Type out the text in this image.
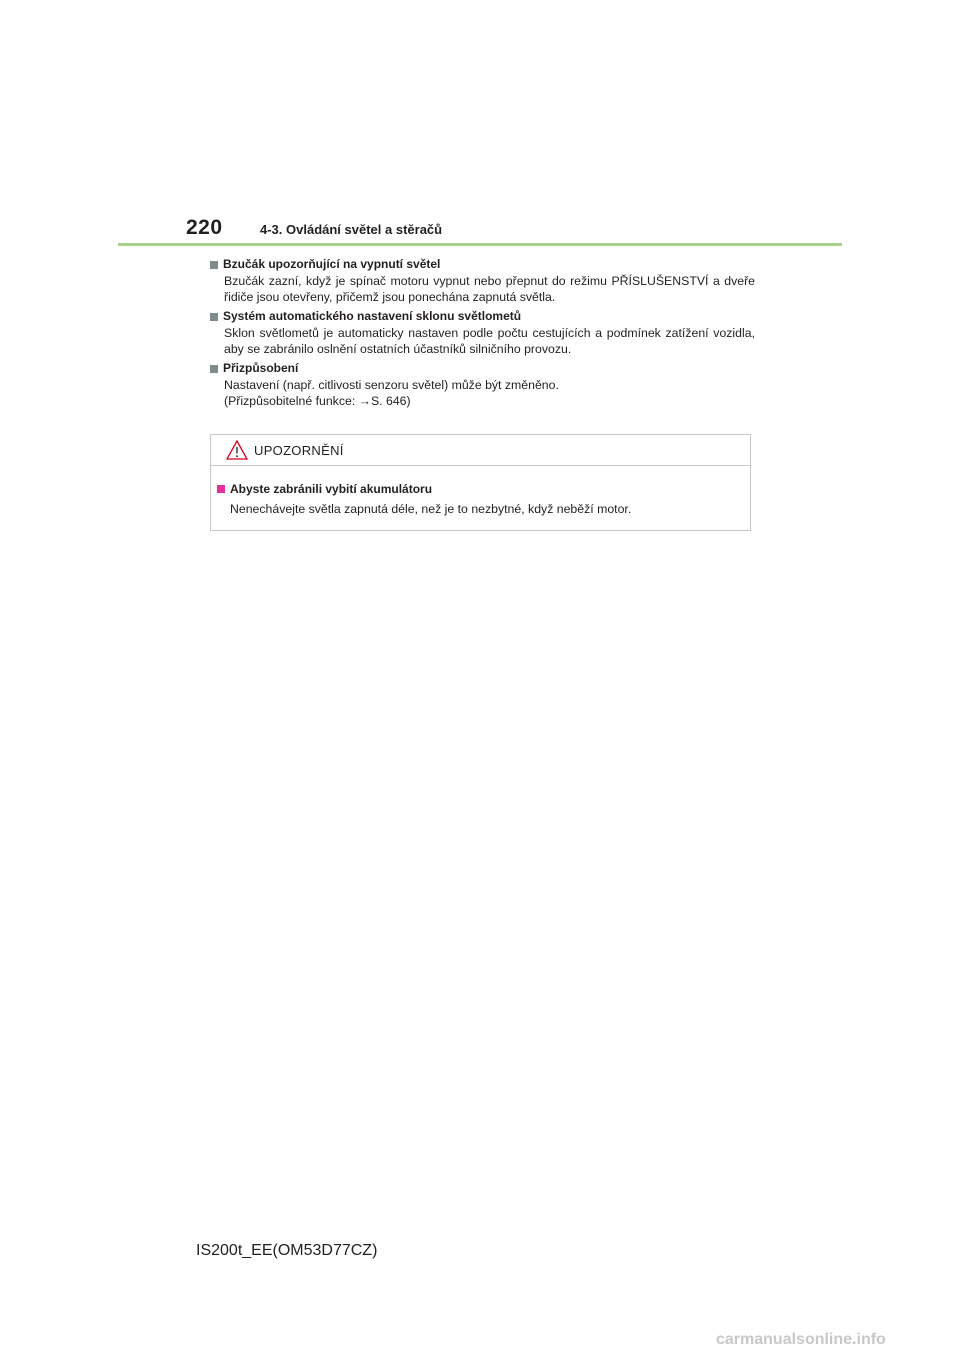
220	4-3. Ovládání světel a stěračů
Bzučák upozorňující na vypnutí světel

Bzučák zazní, když je spínač motoru vypnut nebo přepnut do režimu PŘÍSLUŠENSTVÍ a dveře řidiče jsou otevřeny, přičemž jsou ponechána zapnutá světla.

Systém automatického nastavení sklonu světlometů

Sklon světlometů je automaticky nastaven podle počtu cestujících a podmínek zatížení vozidla, aby se zabránilo oslnění ostatních účastníků silničního provozu.

Přizpůsobení

Nastavení (např. citlivosti senzoru světel) může být změněno.

(Přizpůsobitelné funkce: →S. 646)

UPOZORNĚNÍ
Abyste zabránili vybití akumulátoru
Nenechávejte světla zapnutá déle, než je to nezbytné, když neběží motor.
IS200t_EE(OM53D77CZ)
carmanualsonline.info
